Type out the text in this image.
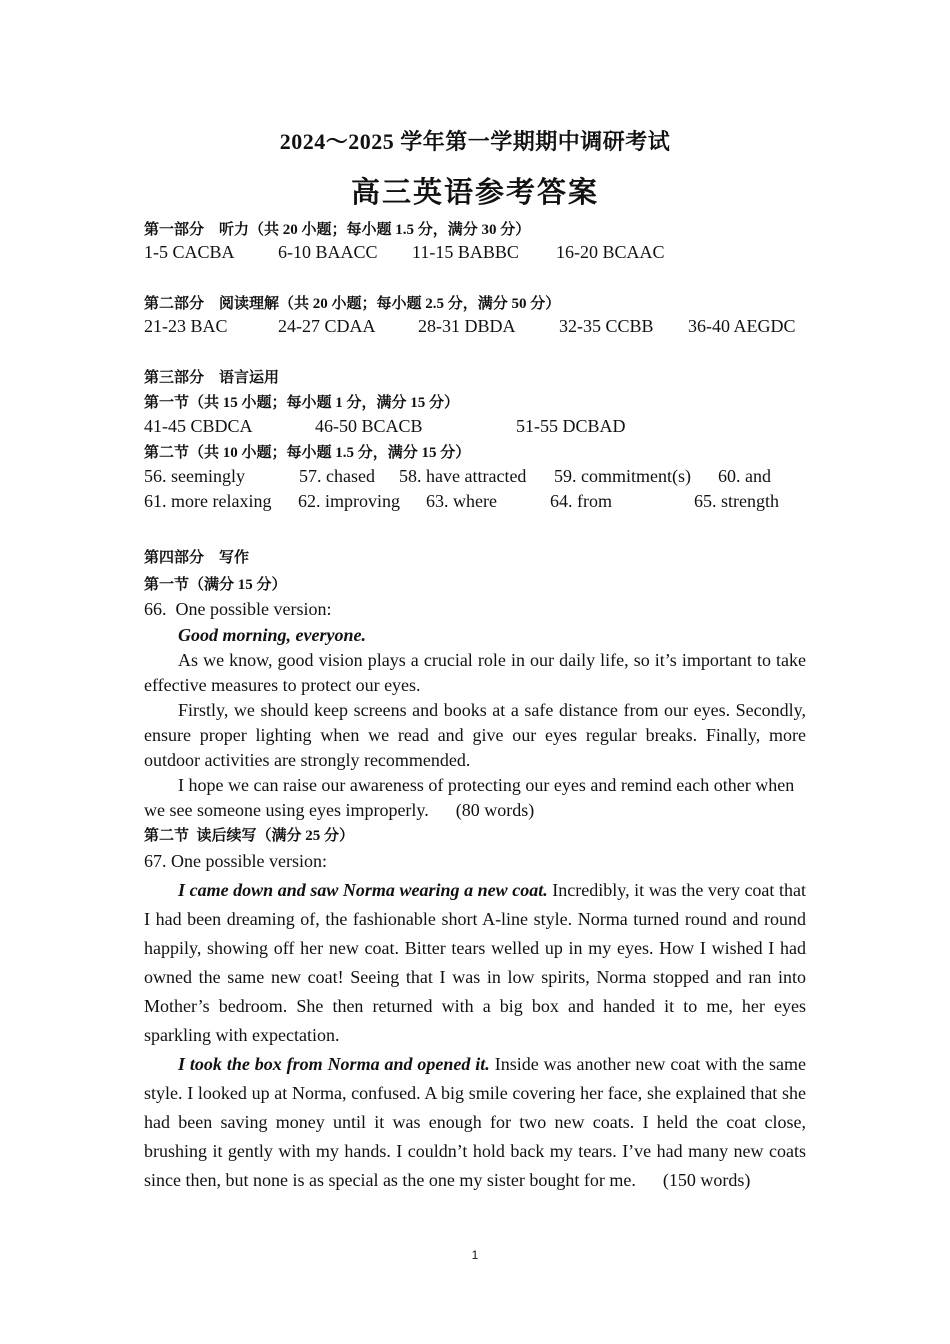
2024～2025 学年第一学期期中调研考试
高三英语参考答案
第一部分　听力（共 20 小题；每小题 1.5 分，满分 30 分）
1-5 CACBA 6-10 BAACC 11-15 BABBC 16-20 BCAAC
第二部分　阅读理解（共 20 小题；每小题 2.5 分，满分 50 分）
21-23 BAC	24-27 CDAA 28-31 DBDA 32-35 CCBB 36-40 AEGDC
第三部分　语言运用
第一节（共 15 小题；每小题 1 分，满分 15 分）
41-45 CBDCA	46-50 BCACB	51-55 DCBAD
第二节（共 10 小题；每小题 1.5 分，满分 15 分）
56. seemingly	57. chased 58. have attracted 59. commitment(s) 60. and
61. more relaxing 62. improving 63. where	64. from	65. strength
第四部分　写作
第一节（满分 15 分）
66.  One possible version:

Good morning, everyone.

As we know, good vision plays a crucial role in our daily life, so it’s important to take effective measures to protect our eyes.

Firstly, we should keep screens and books at a safe distance from our eyes. Secondly, ensure proper lighting when we read and give our eyes regular breaks. Finally, more outdoor activities are strongly recommended.

I hope we can raise our awareness of protecting our eyes and remind each other when we see someone using eyes improperly. (80 words)

第二节  读后续写（满分 25 分）
67. One possible version:

I came down and saw Norma wearing a new coat. Incredibly, it was the very coat that I had been dreaming of, the fashionable short A-line style. Norma turned round and round happily, showing off her new coat. Bitter tears welled up in my eyes. How I wished I had owned the same new coat! Seeing that I was in low spirits, Norma stopped and ran into Mother’s bedroom. She then returned with a big box and handed it to me, her eyes sparkling with expectation.

I took the box from Norma and opened it. Inside was another new coat with the same style. I looked up at Norma, confused. A big smile covering her face, she explained that she had been saving money until it was enough for two new coats. I held the coat close, brushing it gently with my hands. I couldn’t hold back my tears. I’ve had many new coats since then, but none is as special as the one my sister bought for me. (150 words)

1
